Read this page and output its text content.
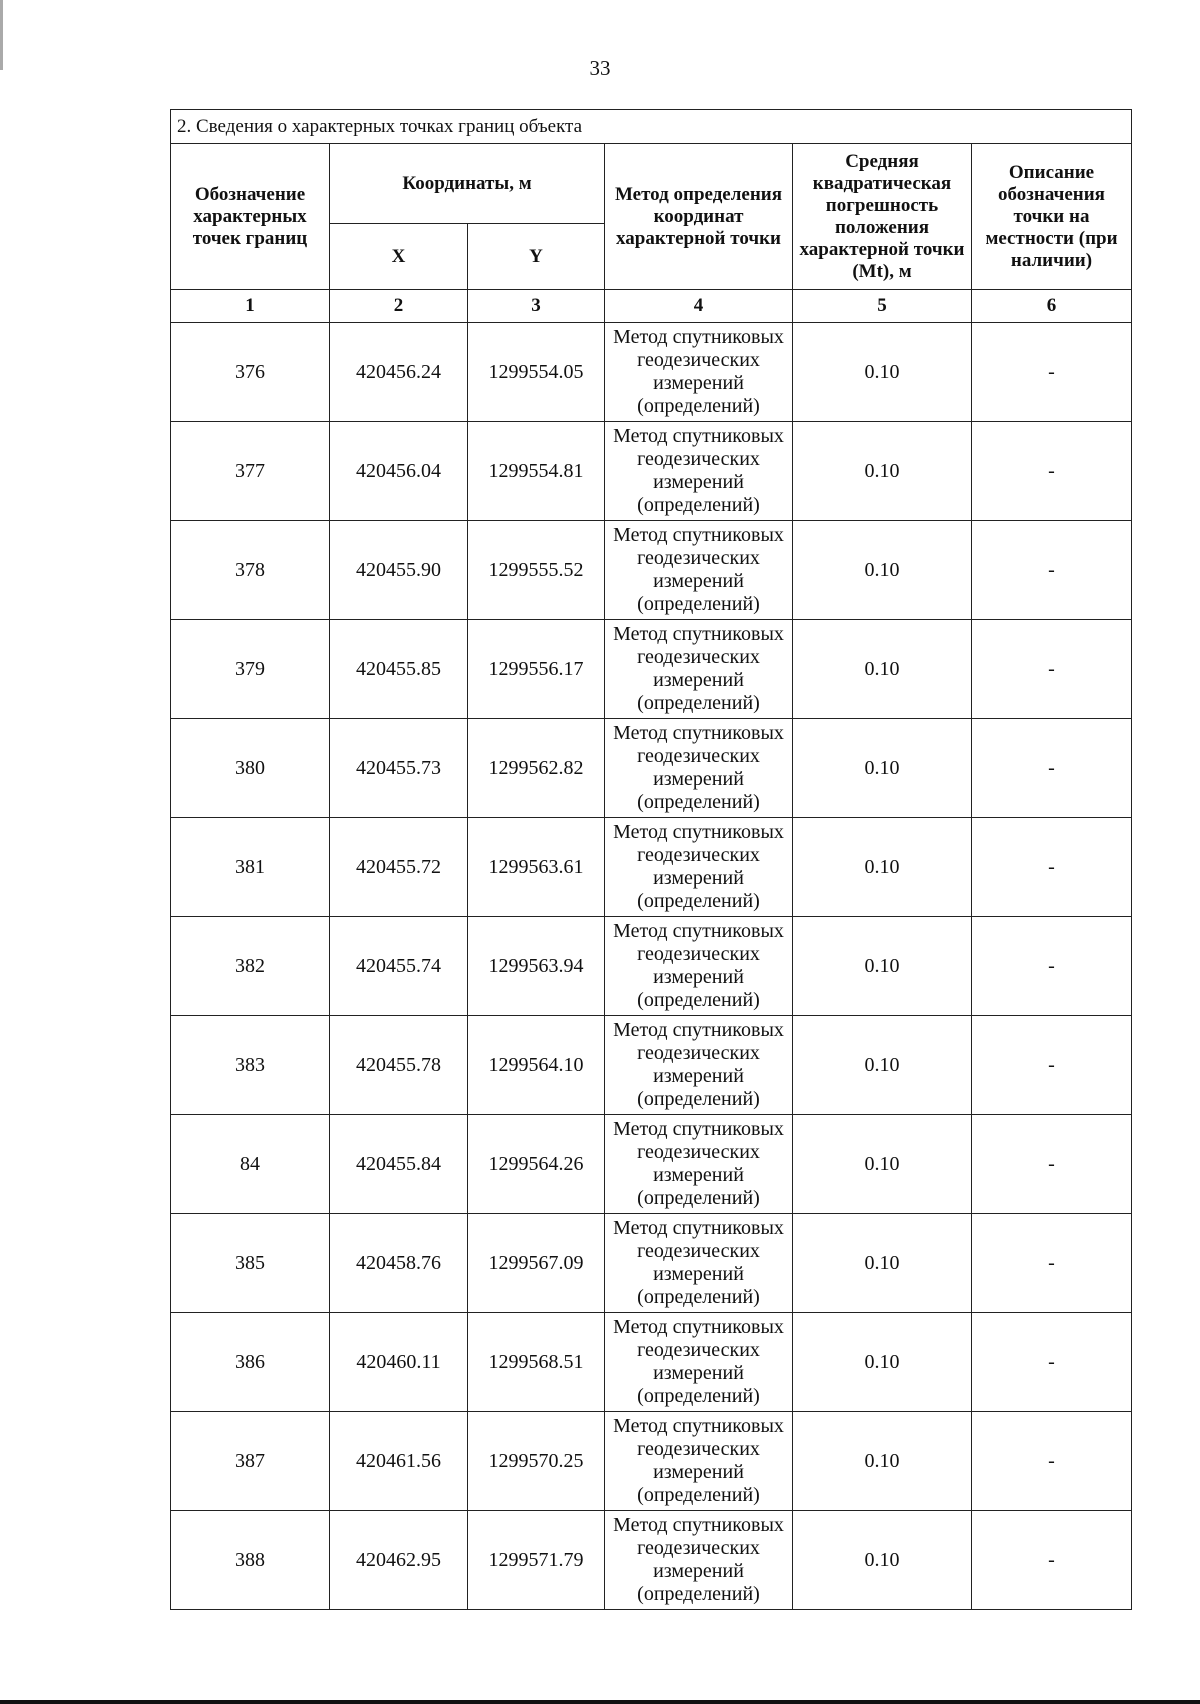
33
2. Сведения о характерных точках границ объекта					
Обозначение характерных точек границ	Координаты, м		Метод определения координат характерной точки	Средняя квадратическая погрешность положения характерной точки (Mt), м	Описание обозначения точки на местности (при наличии)
	X	Y			
1	2	3	4	5	6
376	420456.24	1299554.05	Метод спутниковых геодезических измерений (определений)	0.10	-
377	420456.04	1299554.81	Метод спутниковых геодезических измерений (определений)	0.10	-
378	420455.90	1299555.52	Метод спутниковых геодезических измерений (определений)	0.10	-
379	420455.85	1299556.17	Метод спутниковых геодезических измерений (определений)	0.10	-
380	420455.73	1299562.82	Метод спутниковых геодезических измерений (определений)	0.10	-
381	420455.72	1299563.61	Метод спутниковых геодезических измерений (определений)	0.10	-
382	420455.74	1299563.94	Метод спутниковых геодезических измерений (определений)	0.10	-
383	420455.78	1299564.10	Метод спутниковых геодезических измерений (определений)	0.10	-
84	420455.84	1299564.26	Метод спутниковых геодезических измерений (определений)	0.10	-
385	420458.76	1299567.09	Метод спутниковых геодезических измерений (определений)	0.10	-
386	420460.11	1299568.51	Метод спутниковых геодезических измерений (определений)	0.10	-
387	420461.56	1299570.25	Метод спутниковых геодезических измерений (определений)	0.10	-
388	420462.95	1299571.79	Метод спутниковых геодезических измерений (определений)	0.10	-
